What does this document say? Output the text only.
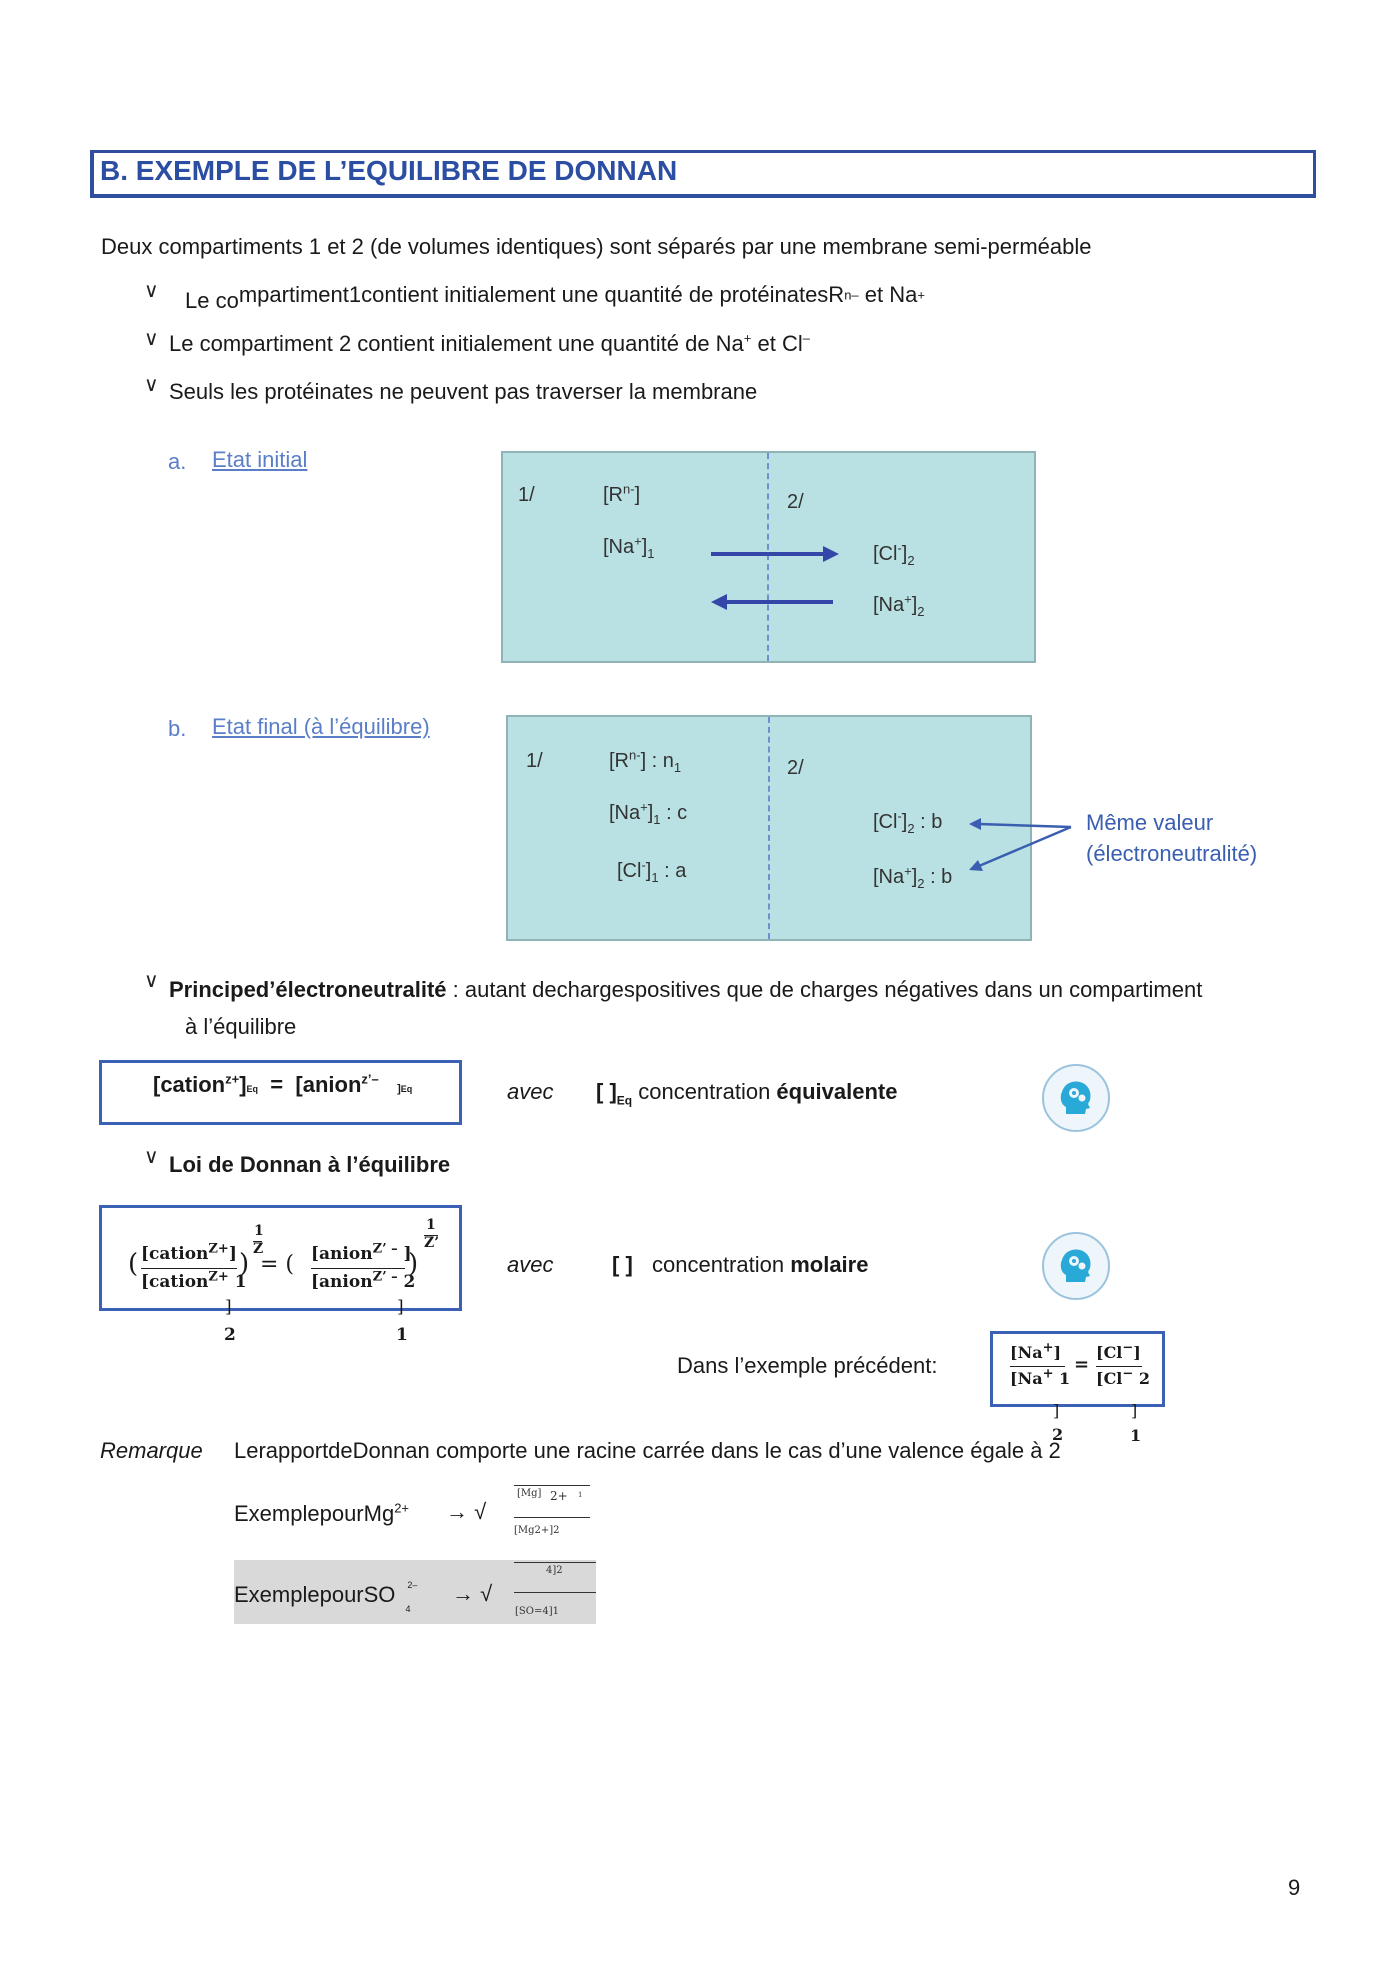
B. EXEMPLE DE L’EQUILIBRE DE DONNAN
Deux compartiments 1 et 2 (de volumes identiques) sont séparés par une membrane semi-perméable
∨ Le compartiment1contient initialement une quantité de protéinatesR$^{n-}$ et Na+
∨ Le compartiment 2 contient initialement une quantité de Na+ et Cl–
∨ Seuls les protéinates ne peuvent pas traverser la membrane
a. Etat initial
1/	2/
$[R^{n-}]$
$[Na^+]_1$	$[Cl^-]_2$
$[Na^+]_2$
b. Etat final (à l’équilibre)
1/	2/
$[R^{n-}]$ : $n_1$
$[Na^+]_1$ : c
$[Cl^-]_1$ : a
$[Cl^-]_2$ : b
$[Na^+]_2$ : b
Même valeur
(électroneutralité)
∨ Principed’électroneutralité : autant dechargespositives que de charges négatives dans un compartiment
à l’équilibre
[cation$^{z+}$]Eq = [anion$^{z’-}$   ]Eq	avec [ ]$_{Eq}$ concentration équivalente
∨ Loi de Donnan à l’équilibre
( [cation$^{Z+}$]
[cation$^{Z+}$ 1
)
1
Z
= ( [anion$^{Z’ -}$ ]
[anion$^{Z’ -}$ 2
)
1
Z’
]
2
]
1
avec	[ ] concentration molaire
Dans l’exemple précédent:
[Na+]
[Na+ 1
=
[Cl−]
[Cl− 2
]
2
]
1
Remarque LerapportdeDonnan comporte une racine carrée dans le cas d’une valence égale à 2
ExemplepourMg$^{2+}$ → √
[Mg] 2+ 1
[Mg2+]2
ExemplepourSO $^{2-}_4$
→ √
4]2
[SO=4]1
9
